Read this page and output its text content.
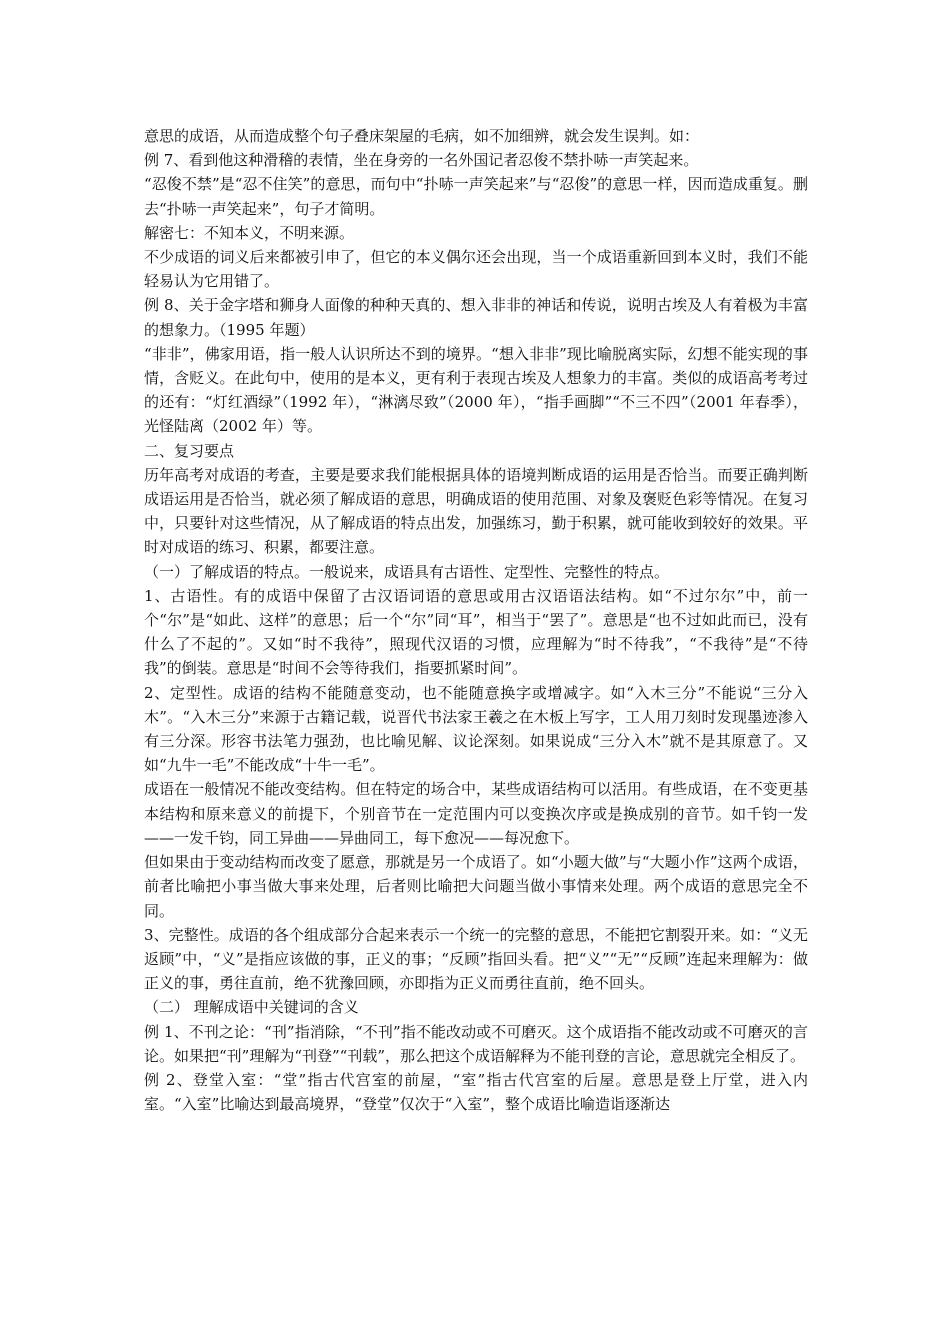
意思的成语，从而造成整个句子叠床架屋的毛病，如不加细辨，就会发生误判。如：

例 7、看到他这种滑稽的表情，坐在身旁的一名外国记者忍俊不禁扑哧一声笑起来。

“忍俊不禁”是“忍不住笑”的意思，而句中“扑哧一声笑起来”与“忍俊”的意思一样，因而造成重复。删去“扑哧一声笑起来”，句子才简明。

解密七：不知本义，不明来源。

不少成语的词义后来都被引申了，但它的本义偶尔还会出现，当一个成语重新回到本义时，我们不能轻易认为它用错了。

例 8、关于金字塔和狮身人面像的种种天真的、想入非非的神话和传说，说明古埃及人有着极为丰富的想象力。（1995 年题）

“非非”，佛家用语，指一般人认识所达不到的境界。“想入非非”现比喻脱离实际，幻想不能实现的事情，含贬义。在此句中，使用的是本义，更有利于表现古埃及人想象力的丰富。类似的成语高考考过的还有：“灯红酒绿”（1992 年），“淋漓尽致”（2000 年），“指手画脚”“不三不四”（2001 年春季），光怪陆离（2002 年）等。

二、复习要点

历年高考对成语的考查，主要是要求我们能根据具体的语境判断成语的运用是否恰当。而要正确判断成语运用是否恰当，就必须了解成语的意思，明确成语的使用范围、对象及褒贬色彩等情况。在复习中，只要针对这些情况，从了解成语的特点出发，加强练习，勤于积累，就可能收到较好的效果。平时对成语的练习、积累，都要注意。

（一）了解成语的特点。一般说来，成语具有古语性、定型性、完整性的特点。

1、古语性。有的成语中保留了古汉语词语的意思或用古汉语语法结构。如“不过尔尔”中，前一个“尔”是“如此、这样”的意思；后一个“尔”同“耳”，相当于“罢了”。意思是“也不过如此而已，没有什么了不起的”。又如“时不我待”，照现代汉语的习惯，应理解为“时不待我”，“不我待”是“不待我”的倒装。意思是“时间不会等待我们，指要抓紧时间”。

2、定型性。成语的结构不能随意变动，也不能随意换字或增减字。如“入木三分”不能说“三分入木”。“入木三分”来源于古籍记载，说晋代书法家王羲之在木板上写字，工人用刀刻时发现墨迹渗入有三分深。形容书法笔力强劲，也比喻见解、议论深刻。如果说成“三分入木”就不是其原意了。又如“九牛一毛”不能改成“十牛一毛”。

成语在一般情况不能改变结构。但在特定的场合中，某些成语结构可以活用。有些成语，在不变更基本结构和原来意义的前提下，个别音节在一定范围内可以变换次序或是换成别的音节。如千钧一发——一发千钧，同工异曲——异曲同工，每下愈况——每况愈下。

但如果由于变动结构而改变了愿意，那就是另一个成语了。如“小题大做”与“大题小作”这两个成语，前者比喻把小事当做大事来处理，后者则比喻把大问题当做小事情来处理。两个成语的意思完全不同。

3、完整性。成语的各个组成部分合起来表示一个统一的完整的意思，不能把它割裂开来。如：“义无返顾”中，“义”是指应该做的事，正义的事；“反顾”指回头看。把“义”“无”“反顾”连起来理解为：做正义的事，勇往直前，绝不犹豫回顾，亦即指为正义而勇往直前，绝不回头。

（二） 理解成语中关键词的含义

例 1、不刊之论：“刊”指消除，“不刊”指不能改动或不可磨灭。这个成语指不能改动或不可磨灭的言论。如果把“刊”理解为“刊登”“刊载”，那么把这个成语解释为不能刊登的言论，意思就完全相反了。

例 2、登堂入室：“堂”指古代宫室的前屋，“室”指古代宫室的后屋。意思是登上厅堂，进入内室。“入室”比喻达到最高境界，“登堂”仅次于“入室”，整个成语比喻造诣逐渐达
